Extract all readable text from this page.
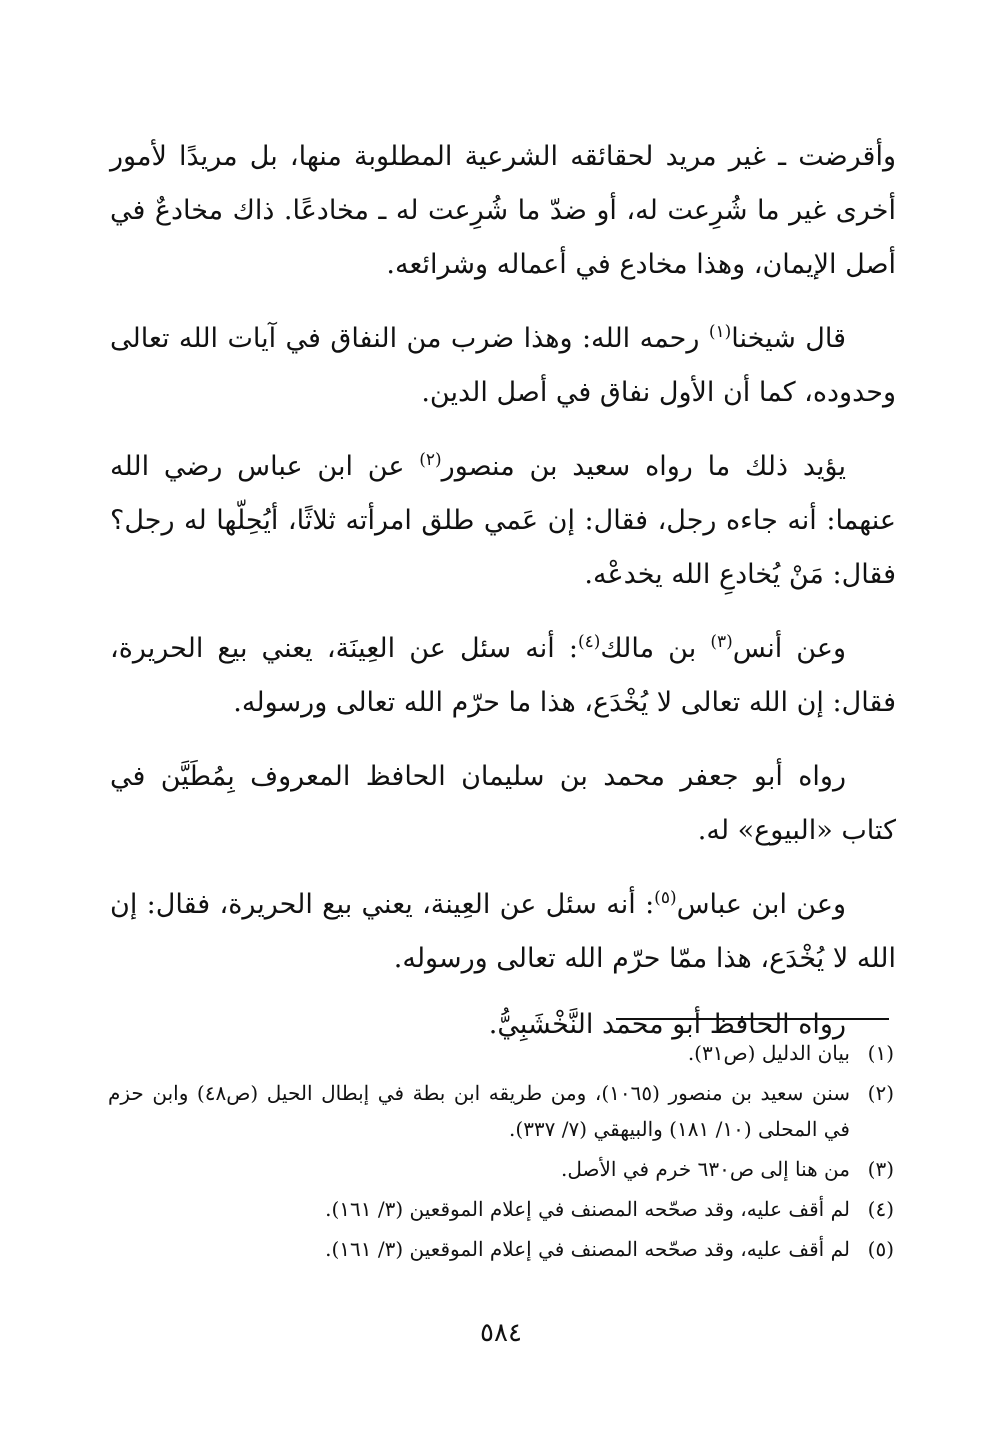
وأقرضت ـ غير مريد لحقائقه الشرعية المطلوبة منها، بل مريدًا لأمور أخرى غير ما شُرِعت له، أو ضدّ ما شُرِعت له ـ مخادعًا. ذاك مخادعٌ في أصل الإيمان، وهذا مخادع في أعماله وشرائعه.

قال شيخنا$^{(١)}$ رحمه الله: وهذا ضرب من النفاق في آيات الله تعالى وحدوده، كما أن الأول نفاق في أصل الدين.

يؤيد ذلك ما رواه سعيد بن منصور$^{(٢)}$ عن ابن عباس رضي الله عنهما: أنه جاءه رجل، فقال: إن عَمي طلق امرأته ثلاثًا، أيُحِلّها له رجل؟ فقال: مَنْ يُخادعِ الله يخدعْه.

وعن أنس$^{(٣)}$ بن مالك$^{(٤)}$: أنه سئل عن العِينَة، يعني بيع الحريرة، فقال: إن الله تعالى لا يُخْدَع، هذا ما حرّم الله تعالى ورسوله.

رواه أبو جعفر محمد بن سليمان الحافظ المعروف بِمُطَيَّن في كتاب «البيوع» له.

وعن ابن عباس$^{(٥)}$: أنه سئل عن العِينة، يعني بيع الحريرة، فقال: إن الله لا يُخْدَع، هذا ممّا حرّم الله تعالى ورسوله.

رواه الحافظ أبو محمد النَّخْشَبِيُّ.

(١)
بيان الدليل (ص٣١).
(٢)
سنن سعيد بن منصور (١٠٦٥)، ومن طريقه ابن بطة في إبطال الحيل (ص٤٨) وابن حزم في المحلى (١٠/ ١٨١) والبيهقي (٧/ ٣٣٧).
(٣)
من هنا إلى ص٦٣٠ خرم في الأصل.
(٤)
لم أقف عليه، وقد صحّحه المصنف في إعلام الموقعين (٣/ ١٦١).
(٥)
لم أقف عليه، وقد صحّحه المصنف في إعلام الموقعين (٣/ ١٦١).
٥٨٤
